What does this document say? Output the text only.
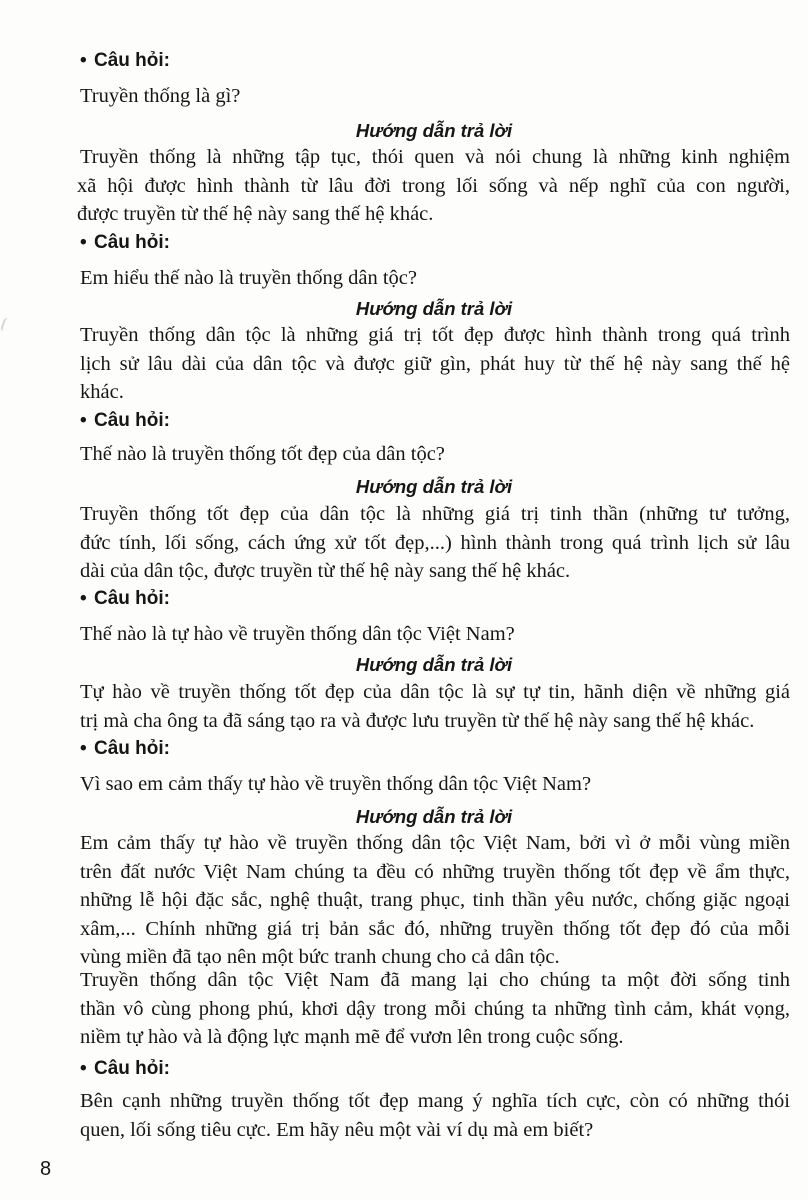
• Câu hỏi:
Truyền thống là gì?
Hướng dẫn trả lời
Truyền thống là những tập tục, thói quen và nói chung là những kinh nghiệm
xã hội được hình thành từ lâu đời trong lối sống và nếp nghĩ của con người,
được truyền từ thế hệ này sang thế hệ khác.
• Câu hỏi:
Em hiểu thế nào là truyền thống dân tộc?
Hướng dẫn trả lời
Truyền thống dân tộc là những giá trị tốt đẹp được hình thành trong quá trình
lịch sử lâu dài của dân tộc và được giữ gìn, phát huy từ thế hệ này sang thế hệ
khác.
• Câu hỏi:
Thế nào là truyền thống tốt đẹp của dân tộc?
Hướng dẫn trả lời
Truyền thống tốt đẹp của dân tộc là những giá trị tinh thần (những tư tưởng,
đức tính, lối sống, cách ứng xử tốt đẹp,...) hình thành trong quá trình lịch sử lâu
dài của dân tộc, được truyền từ thế hệ này sang thế hệ khác.
• Câu hỏi:
Thế nào là tự hào về truyền thống dân tộc Việt Nam?
Hướng dẫn trả lời
Tự hào về truyền thống tốt đẹp của dân tộc là sự tự tin, hãnh diện về những giá
trị mà cha ông ta đã sáng tạo ra và được lưu truyền từ thế hệ này sang thế hệ khác.
• Câu hỏi:
Vì sao em cảm thấy tự hào về truyền thống dân tộc Việt Nam?
Hướng dẫn trả lời
Em cảm thấy tự hào về truyền thống dân tộc Việt Nam, bởi vì ở mỗi vùng miền
trên đất nước Việt Nam chúng ta đều có những truyền thống tốt đẹp về ẩm thực,
những lễ hội đặc sắc, nghệ thuật, trang phục, tinh thần yêu nước, chống giặc ngoại
xâm,... Chính những giá trị bản sắc đó, những truyền thống tốt đẹp đó của mỗi
vùng miền đã tạo nên một bức tranh chung cho cả dân tộc.
Truyền thống dân tộc Việt Nam đã mang lại cho chúng ta một đời sống tinh
thần vô cùng phong phú, khơi dậy trong mỗi chúng ta những tình cảm, khát vọng,
niềm tự hào và là động lực mạnh mẽ để vươn lên trong cuộc sống.
• Câu hỏi:
Bên cạnh những truyền thống tốt đẹp mang ý nghĩa tích cực, còn có những thói
quen, lối sống tiêu cực. Em hãy nêu một vài ví dụ mà em biết?
8
